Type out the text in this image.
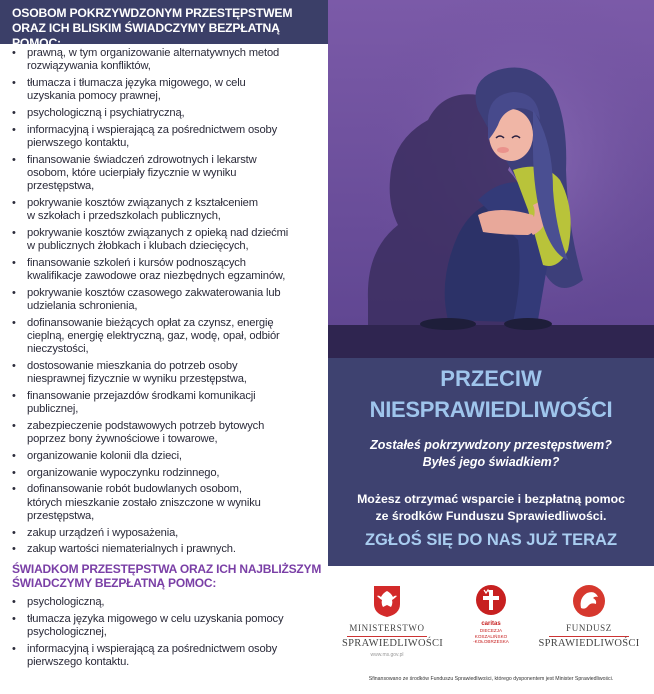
OSOBOM POKRZYWDZONYM PRZESTĘPSTWEM ORAZ ICH BLISKIM ŚWIADCZYMY BEZPŁATNĄ POMOC:
• prawną, w tym organizowanie alternatywnych metod
rozwiązywania konfliktów,
• tłumacza i tłumacza języka migowego, w celu
uzyskania pomocy prawnej,
• psychologiczną i psychiatryczną,
• informacyjną i wspierającą za pośrednictwem osoby
pierwszego kontaktu,
• finansowanie świadczeń zdrowotnych i lekarstw
osobom, które ucierpiały fizycznie w wyniku
przestępstwa,
• pokrywanie kosztów związanych z kształceniem
w szkołach i przedszkolach publicznych,
• pokrywanie kosztów związanych z opieką nad dziećmi
w publicznych żłobkach i klubach dziecięcych,
• finansowanie szkoleń i kursów podnoszących
kwalifikacje zawodowe oraz niezbędnych egzaminów,
• pokrywanie kosztów czasowego zakwaterowania lub
udzielania schronienia,
• dofinansowanie bieżących opłat za czynsz, energię
cieplną, energię elektryczną, gaz, wodę, opał, odbiór
nieczystości,
• dostosowanie mieszkania do potrzeb osoby
niesprawnej fizycznie w wyniku przestępstwa,
• finansowanie przejazdów środkami komunikacji
publicznej,
• zabezpieczenie podstawowych potrzeb bytowych
poprzez bony żywnościowe i towarowe,
• organizowanie kolonii dla dzieci,
• organizowanie wypoczynku rodzinnego,
• dofinansowanie robót budowlanych osobom,
których mieszkanie zostało zniszczone w wyniku
przestępstwa,
• zakup urządzeń i wyposażenia,
• zakup wartości niematerialnych i prawnych.
ŚWIADKOM PRZESTĘPSTWA ORAZ ICH NAJBLIŻSZYM
ŚWIADCZYMY BEZPŁATNĄ POMOC:
• psychologiczną,
• tłumacza języka migowego w celu uzyskania pomocy
psychologicznej,
• informacyjną i wspierającą za pośrednictwem osoby
pierwszego kontaktu.
PRZECIW
NIESPRAWIEDLIWOŚCI
Zostałeś pokrzywdzony przestępstwem?
Byłeś jego świadkiem?
Możesz otrzymać wsparcie i bezpłatną pomoc
ze środków Funduszu Sprawiedliwości.
ZGŁOŚ SIĘ DO NAS JUŻ TERAZ
MINISTERSTWO
SPRAWIEDLIWOŚCI
www.ms.gov.pl
caritas
DIECEZJA
KOSZALIŃSKO
-KOŁOBRZESKA
FUNDUSZ
SPRAWIEDLIWOŚCI
Sfinansowano ze środków Funduszu Sprawiedliwości, którego dysponentem jest Minister Sprawiedliwości.
